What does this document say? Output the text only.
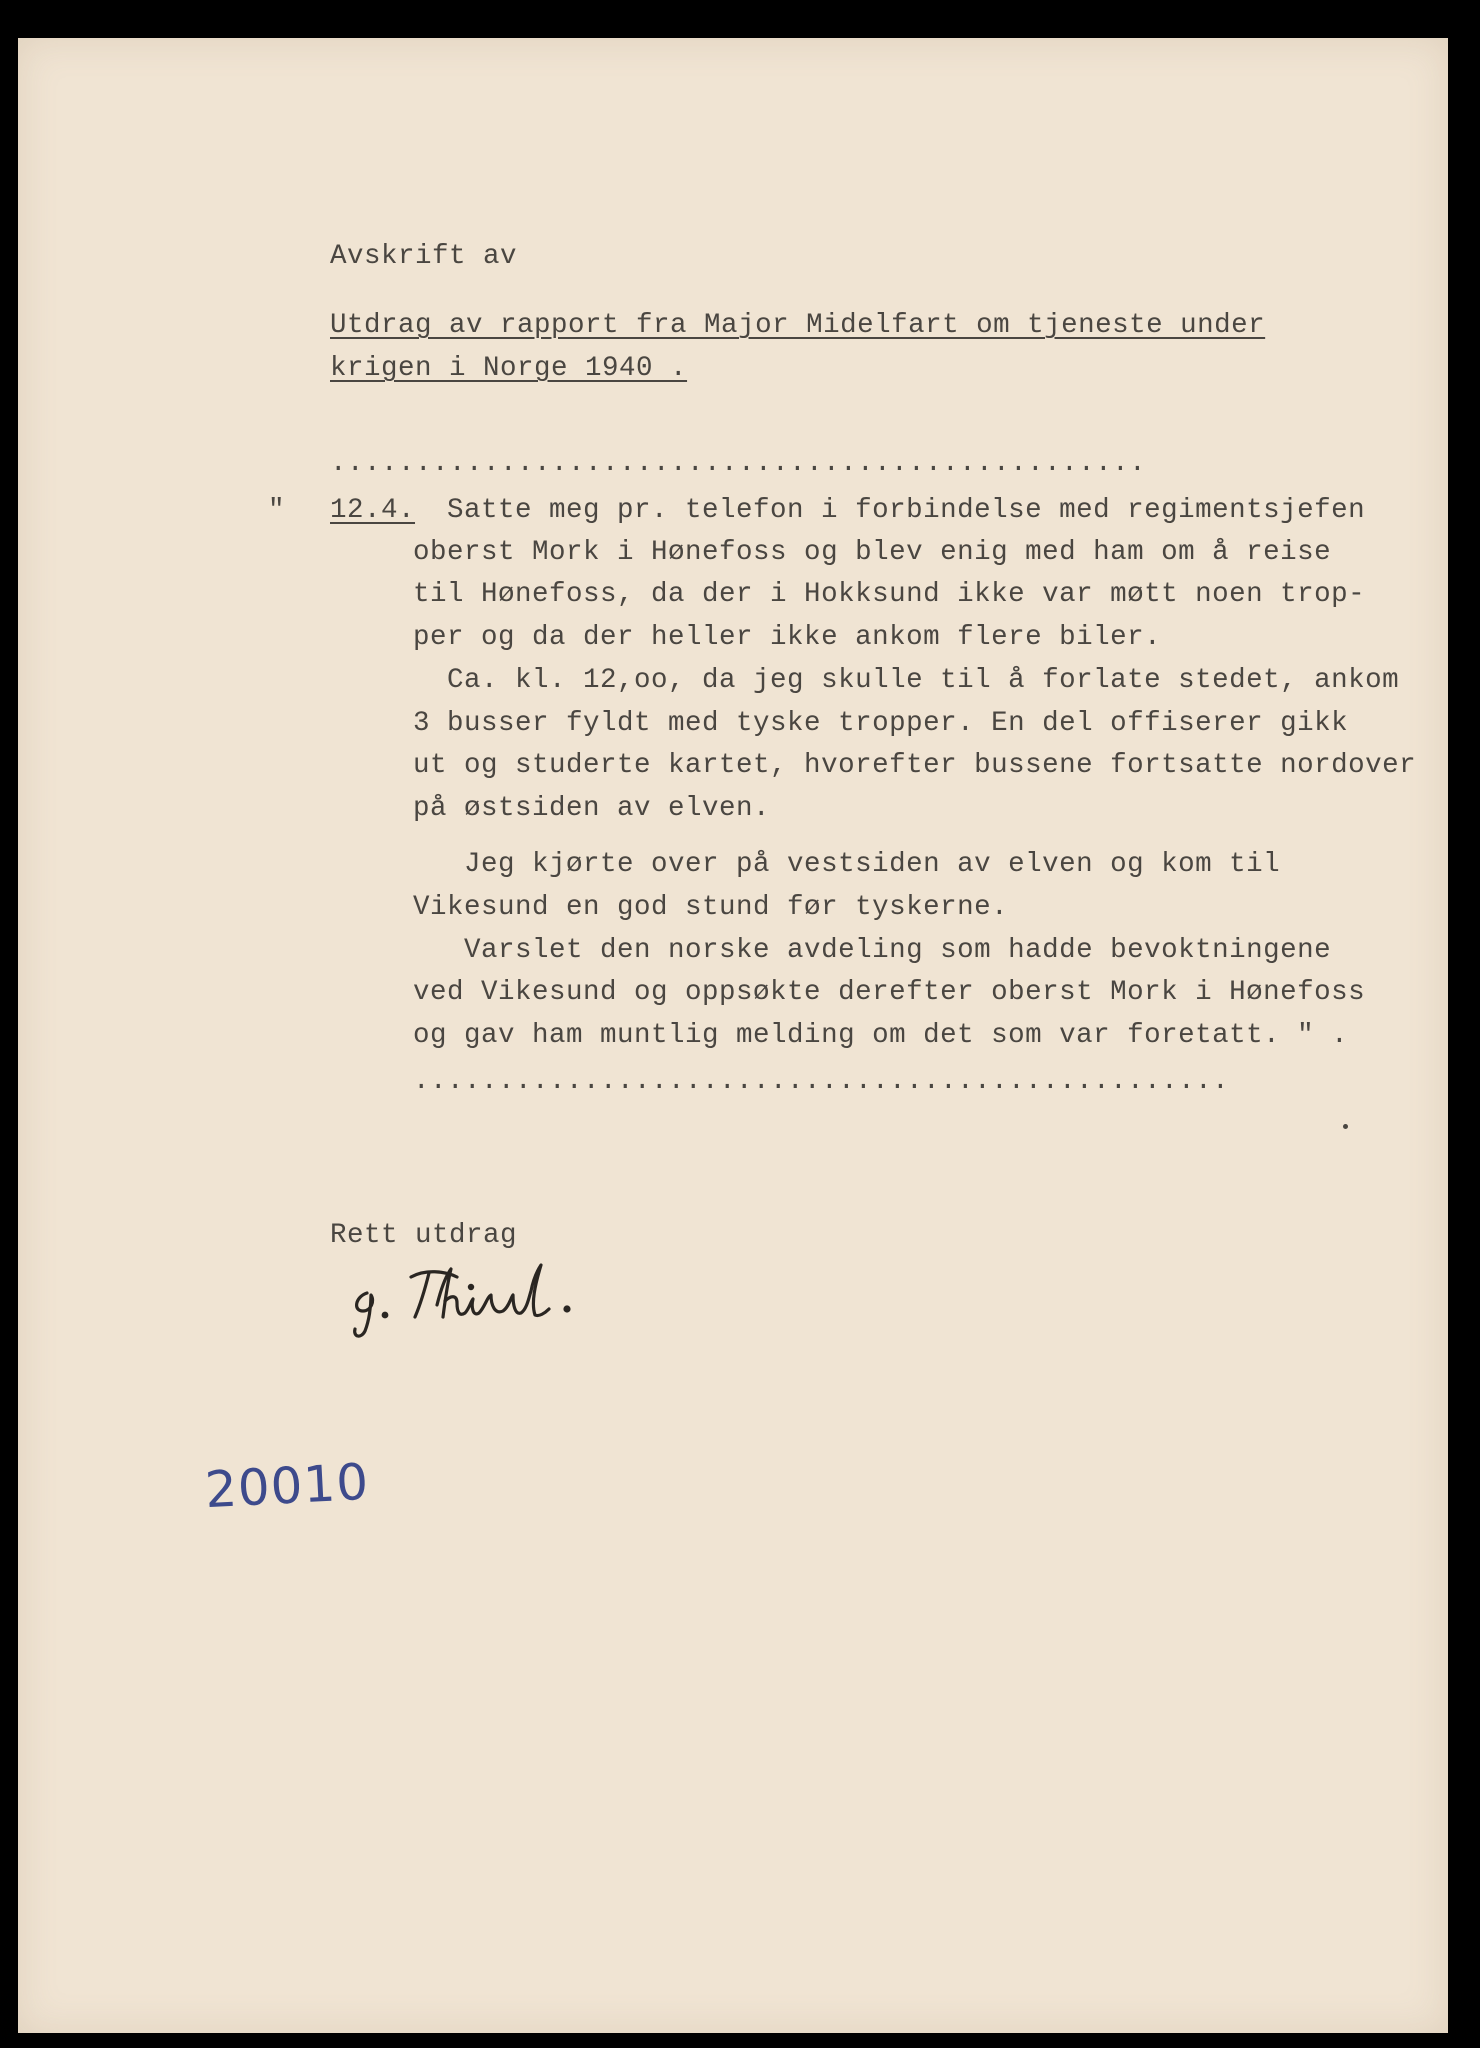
Avskrift av
Utdrag av rapport fra Major Midelfart om tjeneste under
krigen i Norge 1940 .
................................................
" 12.4. Satte meg pr. telefon i forbindelse med regimentsjefen
oberst Mork i Hønefoss og blev enig med ham om å reise
til Hønefoss, da der i Hokksund ikke var møtt noen trop-
per og da der heller ikke ankom flere biler.
Ca. kl. 12,oo, da jeg skulle til å forlate stedet, ankom
3 busser fyldt med tyske tropper. En del offiserer gikk
ut og studerte kartet, hvorefter bussene fortsatte nordover
på østsiden av elven.
Jeg kjørte over på vestsiden av elven og kom til
Vikesund en god stund før tyskerne.
Varslet den norske avdeling som hadde bevoktningene
ved Vikesund og oppsøkte derefter oberst Mork i Hønefoss
og gav ham muntlig melding om det som var foretatt. " .
................................................
Rett utdrag
J. Thiruud.
20010
